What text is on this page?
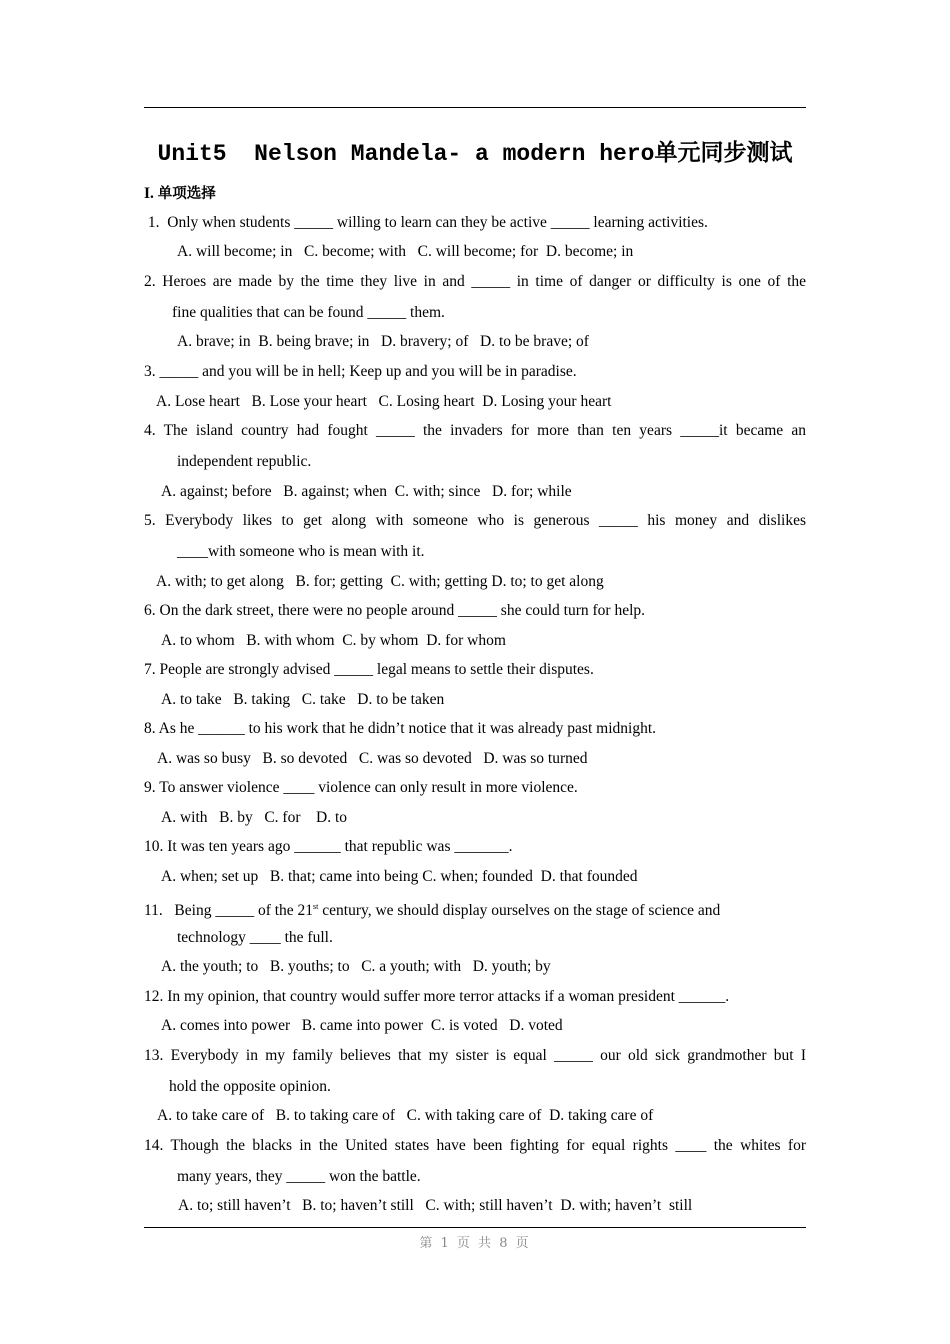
Unit5  Nelson Mandela- a modern hero单元同步测试
I. 单项选择
1.  Only when students _____ willing to learn can they be active _____ learning activities.
A. will become; in   C. become; with   C. will become; for  D. become; in
2. Heroes are made by the time they live in and _____ in time of danger or difficulty is one of the
fine qualities that can be found _____ them.
A. brave; in  B. being brave; in   D. bravery; of   D. to be brave; of
3. _____ and you will be in hell; Keep up and you will be in paradise.
A. Lose heart   B. Lose your heart   C. Losing heart  D. Losing your heart
4. The island country had fought _____ the invaders for more than ten years _____it became an
independent republic.
A. against; before   B. against; when  C. with; since   D. for; while
5. Everybody likes to get along with someone who is generous _____ his money and dislikes
____with someone who is mean with it.
A. with; to get along   B. for; getting  C. with; getting D. to; to get along
6. On the dark street, there were no people around _____ she could turn for help.
A. to whom   B. with whom  C. by whom  D. for whom
7. People are strongly advised _____ legal means to settle their disputes.
A. to take   B. taking   C. take   D. to be taken
8. As he ______ to his work that he didn’t notice that it was already past midnight.
A. was so busy   B. so devoted   C. was so devoted   D. was so turned
9. To answer violence ____ violence can only result in more violence.
A. with   B. by   C. for    D. to
10. It was ten years ago ______ that republic was _______.
A. when; set up   B. that; came into being C. when; founded  D. that founded
11.   Being _____ of the 21st century, we should display ourselves on the stage of science and
technology ____ the full.
A. the youth; to   B. youths; to   C. a youth; with   D. youth; by
12. In my opinion, that country would suffer more terror attacks if a woman president ______.
A. comes into power   B. came into power  C. is voted   D. voted
13. Everybody in my family believes that my sister is equal _____ our old sick grandmother but I
hold the opposite opinion.
A. to take care of   B. to taking care of   C. with taking care of  D. taking care of
14. Though the blacks in the United states have been fighting for equal rights ____ the whites for
many years, they _____ won the battle.
A. to; still haven’t   B. to; haven’t still   C. with; still haven’t  D. with; haven’t  still
第 1 页 共 8 页
